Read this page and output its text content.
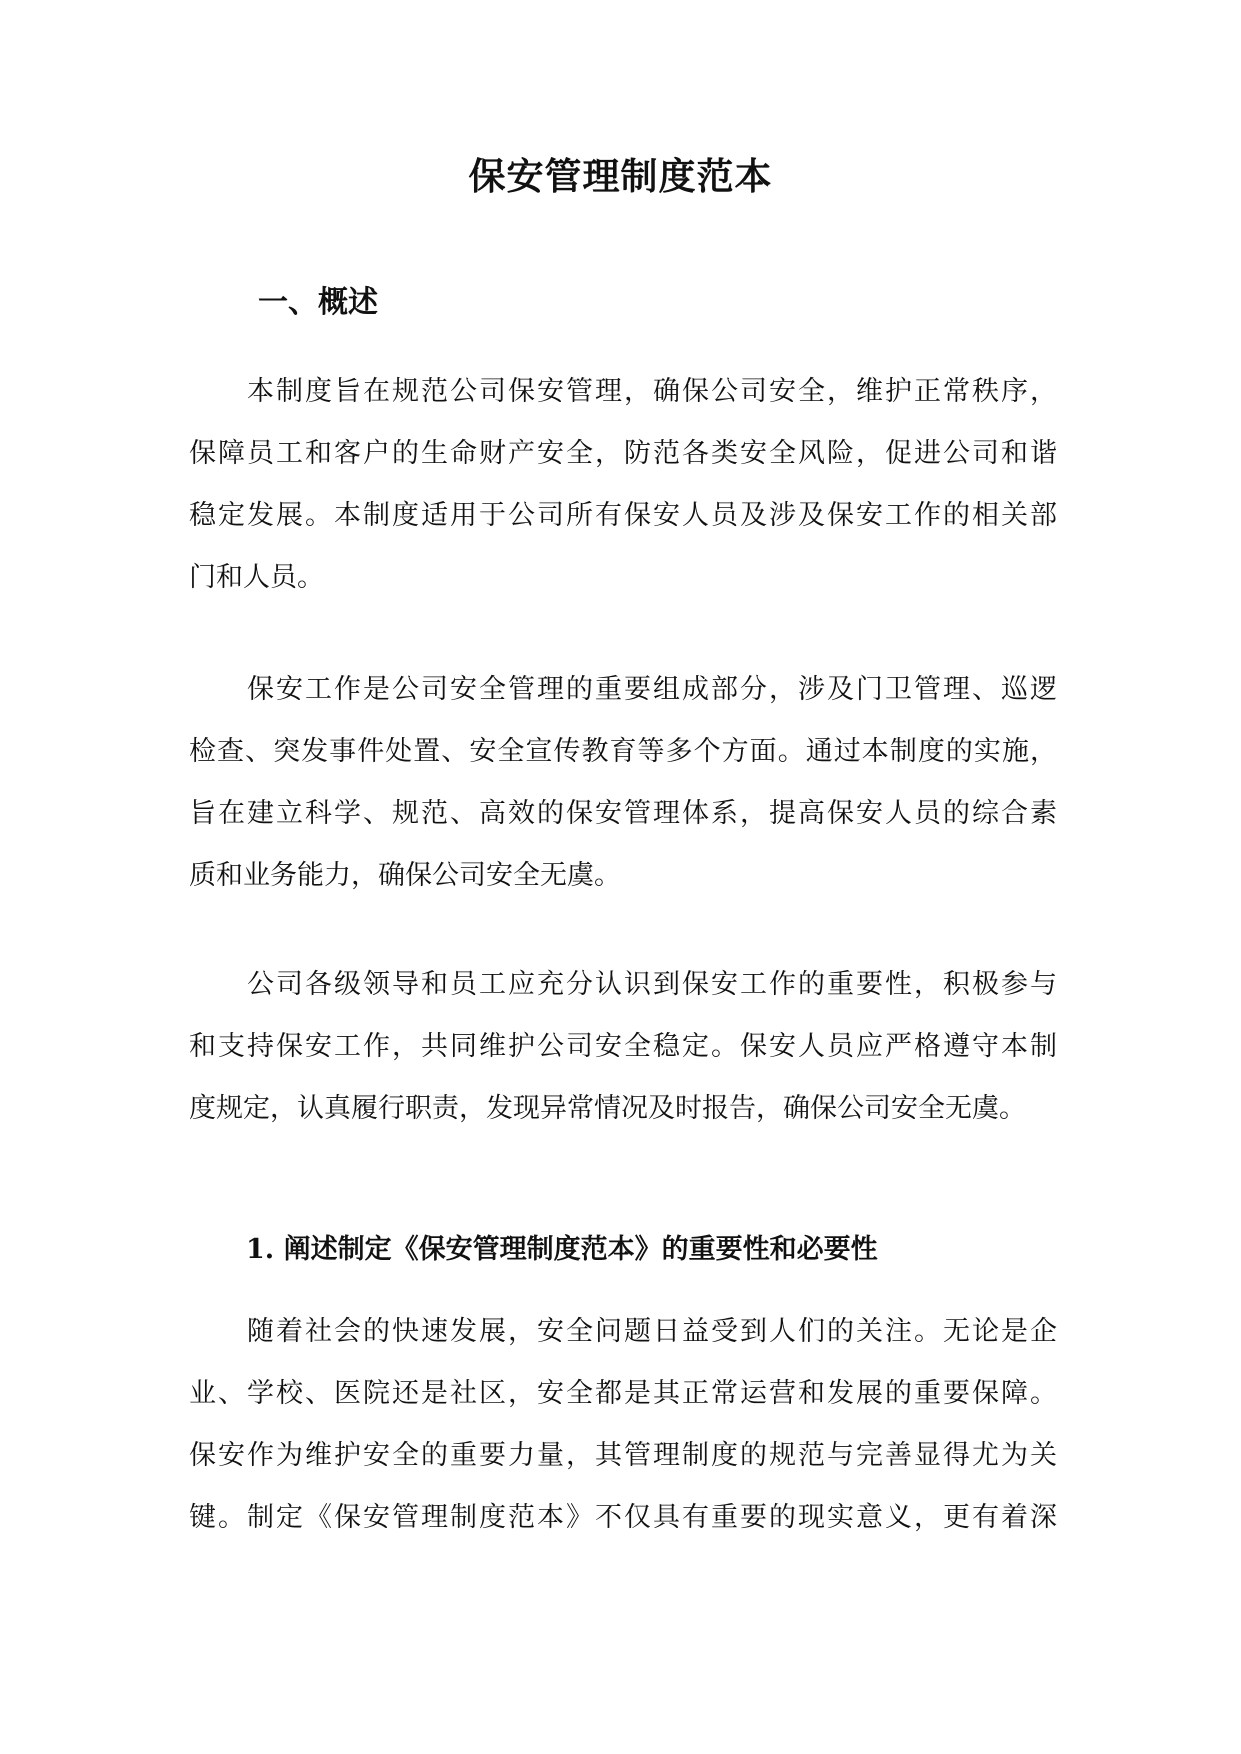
保安管理制度范本
一、概述
本制度旨在规范公司保安管理，确保公司安全，维护正常秩序，
保障员工和客户的生命财产安全，防范各类安全风险，促进公司和谐
稳定发展。本制度适用于公司所有保安人员及涉及保安工作的相关部
门和人员。
保安工作是公司安全管理的重要组成部分，涉及门卫管理、巡逻
检查、突发事件处置、安全宣传教育等多个方面。通过本制度的实施，
旨在建立科学、规范、高效的保安管理体系，提高保安人员的综合素
质和业务能力，确保公司安全无虞。
公司各级领导和员工应充分认识到保安工作的重要性，积极参与
和支持保安工作，共同维护公司安全稳定。保安人员应严格遵守本制
度规定，认真履行职责，发现异常情况及时报告，确保公司安全无虞。
1. 阐述制定《保安管理制度范本》的重要性和必要性
随着社会的快速发展，安全问题日益受到人们的关注。无论是企
业、学校、医院还是社区，安全都是其正常运营和发展的重要保障。
保安作为维护安全的重要力量，其管理制度的规范与完善显得尤为关
键。制定《保安管理制度范本》不仅具有重要的现实意义，更有着深
